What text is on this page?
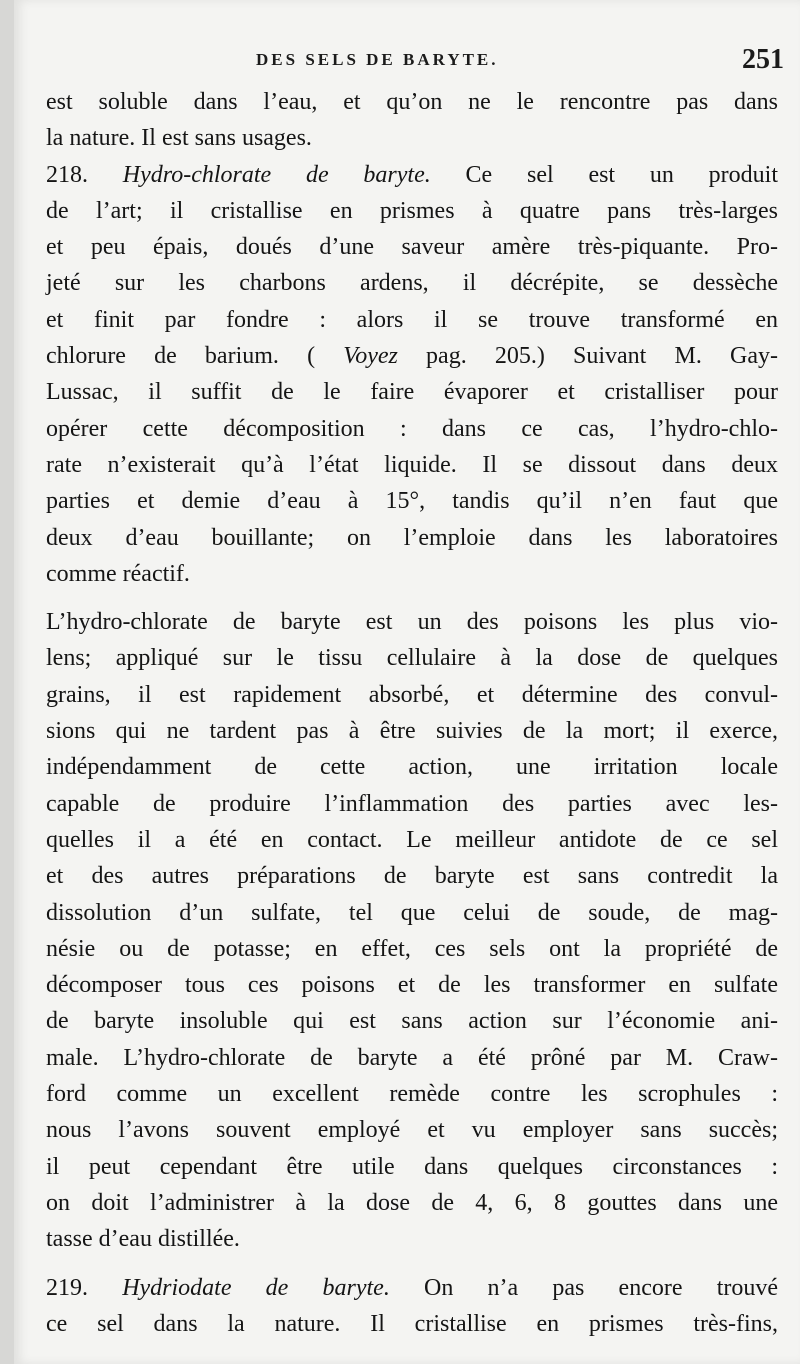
DES SELS DE BARYTE.	251
est soluble dans l’eau, et qu’on ne le rencontre pas dans
la nature. Il est sans usages.
218. Hydro-chlorate de baryte. Ce sel est un produit
de l’art; il cristallise en prismes à quatre pans très-larges
et peu épais, doués d’une saveur amère très-piquante. Pro-
jeté sur les charbons ardens, il décrépite, se dessèche
et finit par fondre : alors il se trouve transformé en
chlorure de barium. ( Voyez pag. 205.) Suivant M. Gay-
Lussac, il suffit de le faire évaporer et cristalliser pour
opérer cette décomposition : dans ce cas, l’hydro-chlo-
rate n’existerait qu’à l’état liquide. Il se dissout dans deux
parties et demie d’eau à 15°, tandis qu’il n’en faut que
deux d’eau bouillante; on l’emploie dans les laboratoires
comme réactif.
L’hydro-chlorate de baryte est un des poisons les plus vio-
lens; appliqué sur le tissu cellulaire à la dose de quelques
grains, il est rapidement absorbé, et détermine des convul-
sions qui ne tardent pas à être suivies de la mort; il exerce,
indépendamment de cette action, une irritation locale
capable de produire l’inflammation des parties avec les-
quelles il a été en contact. Le meilleur antidote de ce sel
et des autres préparations de baryte est sans contredit la
dissolution d’un sulfate, tel que celui de soude, de mag-
nésie ou de potasse; en effet, ces sels ont la propriété de
décomposer tous ces poisons et de les transformer en sulfate
de baryte insoluble qui est sans action sur l’économie ani-
male. L’hydro-chlorate de baryte a été prôné par M. Craw-
ford comme un excellent remède contre les scrophules :
nous l’avons souvent employé et vu employer sans succès;
il peut cependant être utile dans quelques circonstances :
on doit l’administrer à la dose de 4, 6, 8 gouttes dans une
tasse d’eau distillée.
219. Hydriodate de baryte. On n’a pas encore trouvé
ce sel dans la nature. Il cristallise en prismes très-fins,
